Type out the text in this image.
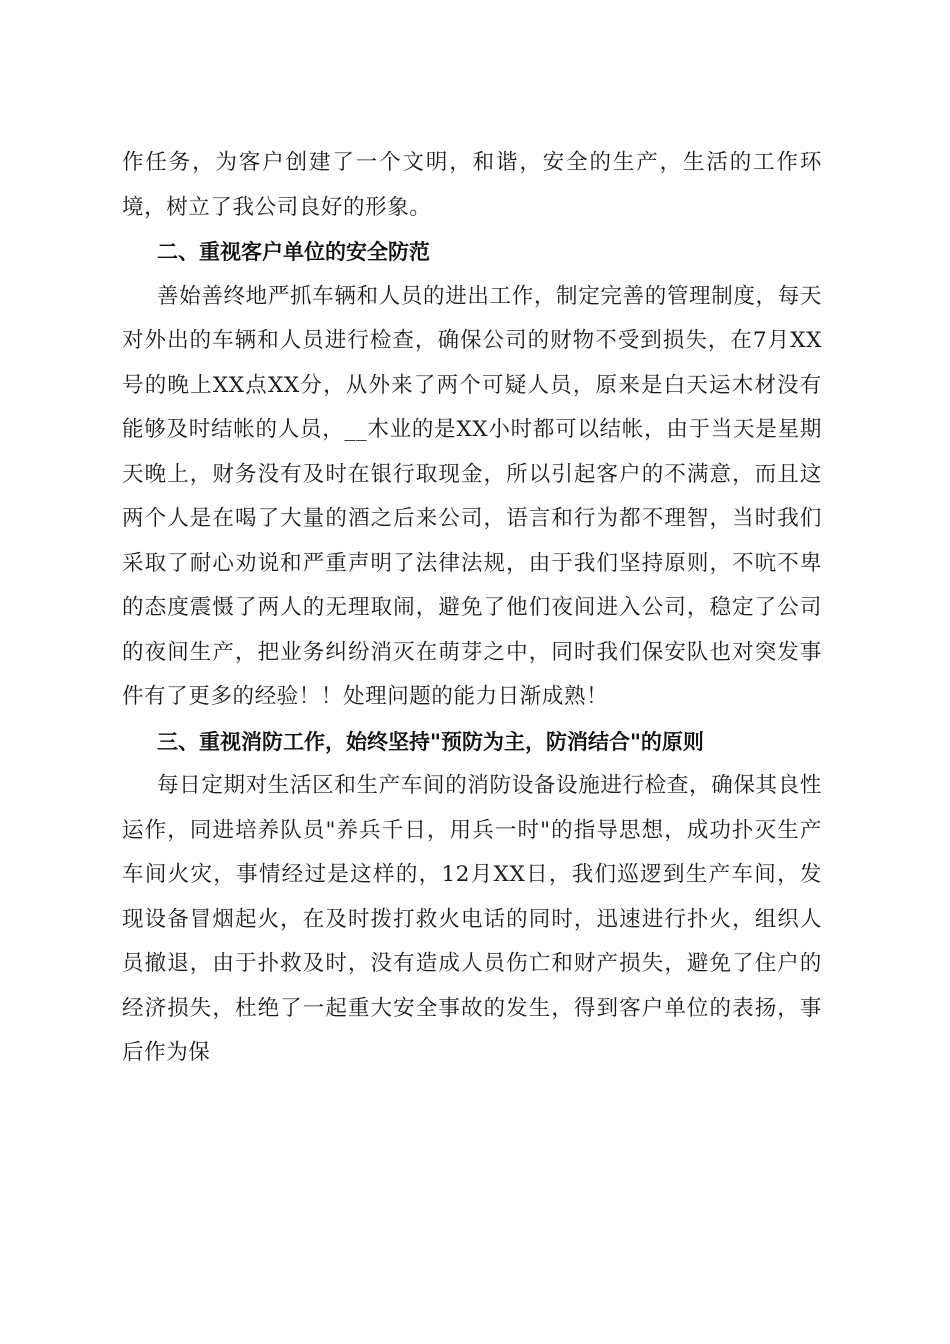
作任务，为客户创建了一个文明，和谐，安全的生产，生活的工作环境，树立了我公司良好的形象。

二、重视客户单位的安全防范

善始善终地严抓车辆和人员的进出工作，制定完善的管理制度，每天对外出的车辆和人员进行检查，确保公司的财物不受到损失，在7月XX号的晚上XX点XX分，从外来了两个可疑人员，原来是白天运木材没有能够及时结帐的人员，__木业的是XX小时都可以结帐，由于当天是星期天晚上，财务没有及时在银行取现金，所以引起客户的不满意，而且这两个人是在喝了大量的酒之后来公司，语言和行为都不理智，当时我们采取了耐心劝说和严重声明了法律法规，由于我们坚持原则，不吭不卑的态度震慑了两人的无理取闹，避免了他们夜间进入公司，稳定了公司的夜间生产，把业务纠纷消灭在萌芽之中，同时我们保安队也对突发事件有了更多的经验！！处理问题的能力日渐成熟！

三、重视消防工作，始终坚持"预防为主，防消结合"的原则

每日定期对生活区和生产车间的消防设备设施进行检查，确保其良性运作，同进培养队员"养兵千日，用兵一时"的指导思想，成功扑灭生产车间火灾，事情经过是这样的，12月XX日，我们巡逻到生产车间，发现设备冒烟起火，在及时拨打救火电话的同时，迅速进行扑火，组织人员撤退，由于扑救及时，没有造成人员伤亡和财产损失，避免了住户的经济损失，杜绝了一起重大安全事故的发生，得到客户单位的表扬，事后作为保
